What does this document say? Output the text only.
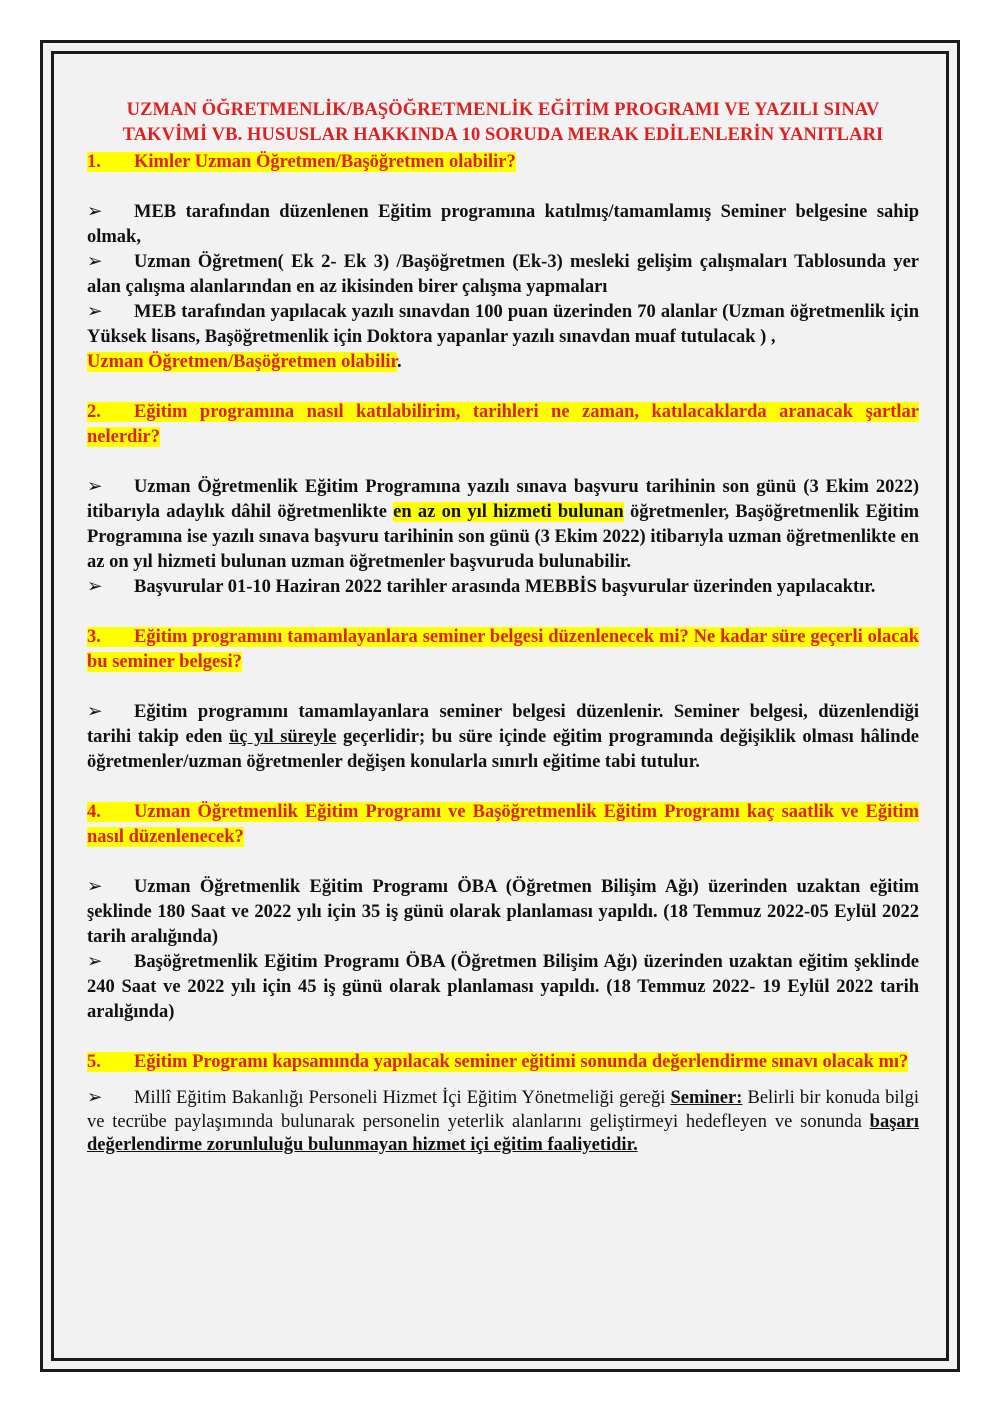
UZMAN ÖĞRETMENLİK/BAŞÖĞRETMENLİK EĞİTİM PROGRAMI VE YAZILI SINAV
TAKVİMİ VB. HUSUSLAR HAKKINDA 10 SORUDA MERAK EDİLENLERİN YANITLARI

1. Kimler Uzman Öğretmen/Başöğretmen olabilir?

➢ MEB tarafından düzenlenen Eğitim programına katılmış/tamamlamış Seminer belgesine sahip olmak,

➢ Uzman Öğretmen( Ek 2- Ek 3) /Başöğretmen (Ek-3) mesleki gelişim çalışmaları Tablosunda yer alan çalışma alanlarından en az ikisinden birer çalışma yapmaları

➢ MEB tarafından yapılacak yazılı sınavdan 100 puan üzerinden 70 alanlar (Uzman öğretmenlik için Yüksek lisans, Başöğretmenlik için Doktora yapanlar yazılı sınavdan muaf tutulacak ) ,

Uzman Öğretmen/Başöğretmen olabilir.

2. Eğitim programına nasıl katılabilirim, tarihleri ne zaman, katılacaklarda aranacak şartlar nelerdir?

➢ Uzman Öğretmenlik Eğitim Programına yazılı sınava başvuru tarihinin son günü (3 Ekim 2022) itibarıyla adaylık dâhil öğretmenlikte en az on yıl hizmeti bulunan öğretmenler, Başöğretmenlik Eğitim Programına ise yazılı sınava başvuru tarihinin son günü (3 Ekim 2022) itibarıyla uzman öğretmenlikte en az on yıl hizmeti bulunan uzman öğretmenler başvuruda bulunabilir.

➢ Başvurular 01-10 Haziran 2022 tarihler arasında MEBBİS başvurular üzerinden yapılacaktır.

3. Eğitim programını tamamlayanlara seminer belgesi düzenlenecek mi? Ne kadar süre geçerli olacak bu seminer belgesi?

➢ Eğitim programını tamamlayanlara seminer belgesi düzenlenir. Seminer belgesi, düzenlendiği tarihi takip eden üç yıl süreyle geçerlidir; bu süre içinde eğitim programında değişiklik olması hâlinde öğretmenler/uzman öğretmenler değişen konularla sınırlı eğitime tabi tutulur.

4. Uzman Öğretmenlik Eğitim Programı ve Başöğretmenlik Eğitim Programı kaç saatlik ve Eğitim nasıl düzenlenecek?

➢ Uzman Öğretmenlik Eğitim Programı ÖBA (Öğretmen Bilişim Ağı) üzerinden uzaktan eğitim şeklinde 180 Saat ve 2022 yılı için 35 iş günü olarak planlaması yapıldı. (18 Temmuz 2022-05 Eylül 2022 tarih aralığında)

➢ Başöğretmenlik Eğitim Programı ÖBA (Öğretmen Bilişim Ağı) üzerinden uzaktan eğitim şeklinde 240 Saat ve 2022 yılı için 45 iş günü olarak planlaması yapıldı. (18 Temmuz 2022- 19 Eylül 2022 tarih aralığında)

5. Eğitim Programı kapsamında yapılacak seminer eğitimi sonunda değerlendirme sınavı olacak mı?

➢ Millî Eğitim Bakanlığı Personeli Hizmet İçi Eğitim Yönetmeliği gereği Seminer: Belirli bir konuda bilgi ve tecrübe paylaşımında bulunarak personelin yeterlik alanlarını geliştirmeyi hedefleyen ve sonunda başarı değerlendirme zorunluluğu bulunmayan hizmet içi eğitim faaliyetidir.
